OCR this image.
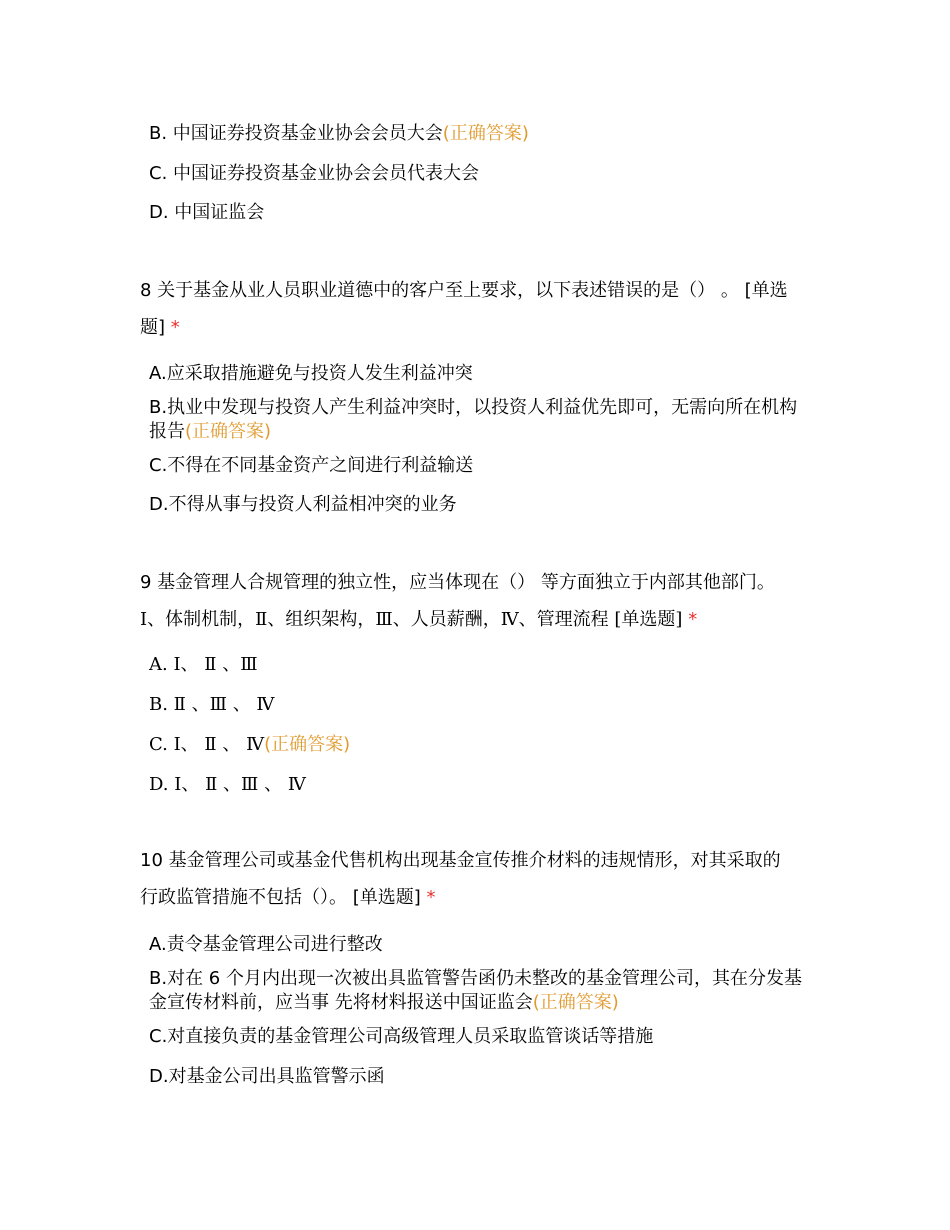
B. 中国证券投资基金业协会会员大会(正确答案)
C. 中国证券投资基金业协会会员代表大会
D. 中国证监会
8 关于基金从业人员职业道德中的客户至上要求，以下表述错误的是（） 。 [单选
题] *
A.应采取措施避免与投资人发生利益冲突
B.执业中发现与投资人产生利益冲突时，以投资人利益优先即可，无需向所在机构报告(正确答案)
C.不得在不同基金资产之间进行利益输送
D.不得从事与投资人利益相冲突的业务
9 基金管理人合规管理的独立性，应当体现在（） 等方面独立于内部其他部门。
Ⅰ、体制机制，Ⅱ、组织架构，Ⅲ、人员薪酬，Ⅳ、管理流程 [单选题] *
A. Ⅰ、 Ⅱ 、Ⅲ
B. Ⅱ 、Ⅲ 、 Ⅳ
C. Ⅰ、 Ⅱ 、 Ⅳ(正确答案)
D. Ⅰ、 Ⅱ 、Ⅲ 、 Ⅳ
10 基金管理公司或基金代售机构出现基金宣传推介材料的违规情形，对其采取的
行政监管措施不包括（）。 [单选题] *
A.责令基金管理公司进行整改
B.对在 6 个月内出现一次被出具监管警告函仍未整改的基金管理公司，其在分发基金宣传材料前，应当事 先将材料报送中国证监会(正确答案)
C.对直接负责的基金管理公司高级管理人员采取监管谈话等措施
D.对基金公司出具监管警示函
